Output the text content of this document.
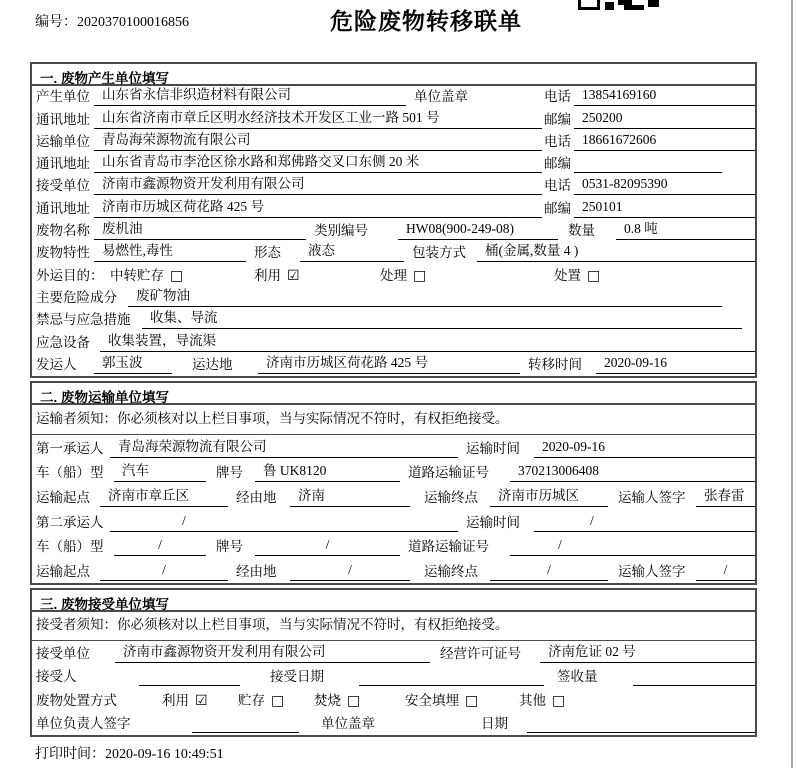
编号：2020370100016856	危险废物转移联单
一. 废物产生单位填写
产生单位 山东省永信非织造材料有限公司	单位盖章	电话 13854169160
通讯地址 山东省济南市章丘区明水经济技术开发区工业一路 501 号	邮编 250200
运输单位 青岛海荣源物流有限公司	电话 18661672606
通讯地址 山东省青岛市李沧区徐水路和郑佛路交叉口东侧 20 米	邮编
接受单位 济南市鑫源物资开发利用有限公司	电话 0531-82095390
通讯地址 济南市历城区荷花路 425 号	邮编 250101
废物名称 废机油	类别编号	HW08(900-249-08)	数量	0.8 吨
废物特性 易燃性,毒性	形态	液态	包装方式	桶(金属,数量 4 )
外运目的： 中转贮存 □	利用 ☑	处理 □	处置 □
主要危险成分	废矿物油
禁忌与应急措施	收集、导流
应急设备	收集装置，导流渠
发运人	郭玉波	运达地	济南市历城区荷花路 425 号	转移时间	2020-09-16
二. 废物运输单位填写
运输者须知：你必须核对以上栏目事项，当与实际情况不符时，有权拒绝接受。
第一承运人	青岛海荣源物流有限公司	运输时间	2020-09-16
车（船）型	汽车	牌号	鲁 UK8120	道路运输证号	370213006408
运输起点	济南市章丘区	经由地	济南	运输终点	济南市历城区	运输人签字	张春雷
第二承运人	/	运输时间	/
车（船）型	/	牌号	/	道路运输证号	/
运输起点	/	经由地	/	运输终点	/	运输人签字	/
三. 废物接受单位填写
接受者须知：你必须核对以上栏目事项，当与实际情况不符时，有权拒绝接受。
接受单位	济南市鑫源物资开发利用有限公司	经营许可证号	济南危证 02 号
接受人	接受日期	签收量
废物处置方式	利用 ☑ 贮存 □ 焚烧 □	安全填埋 □	其他 □
单位负责人签字	单位盖章	日期
打印时间：2020-09-16 10:49:51
